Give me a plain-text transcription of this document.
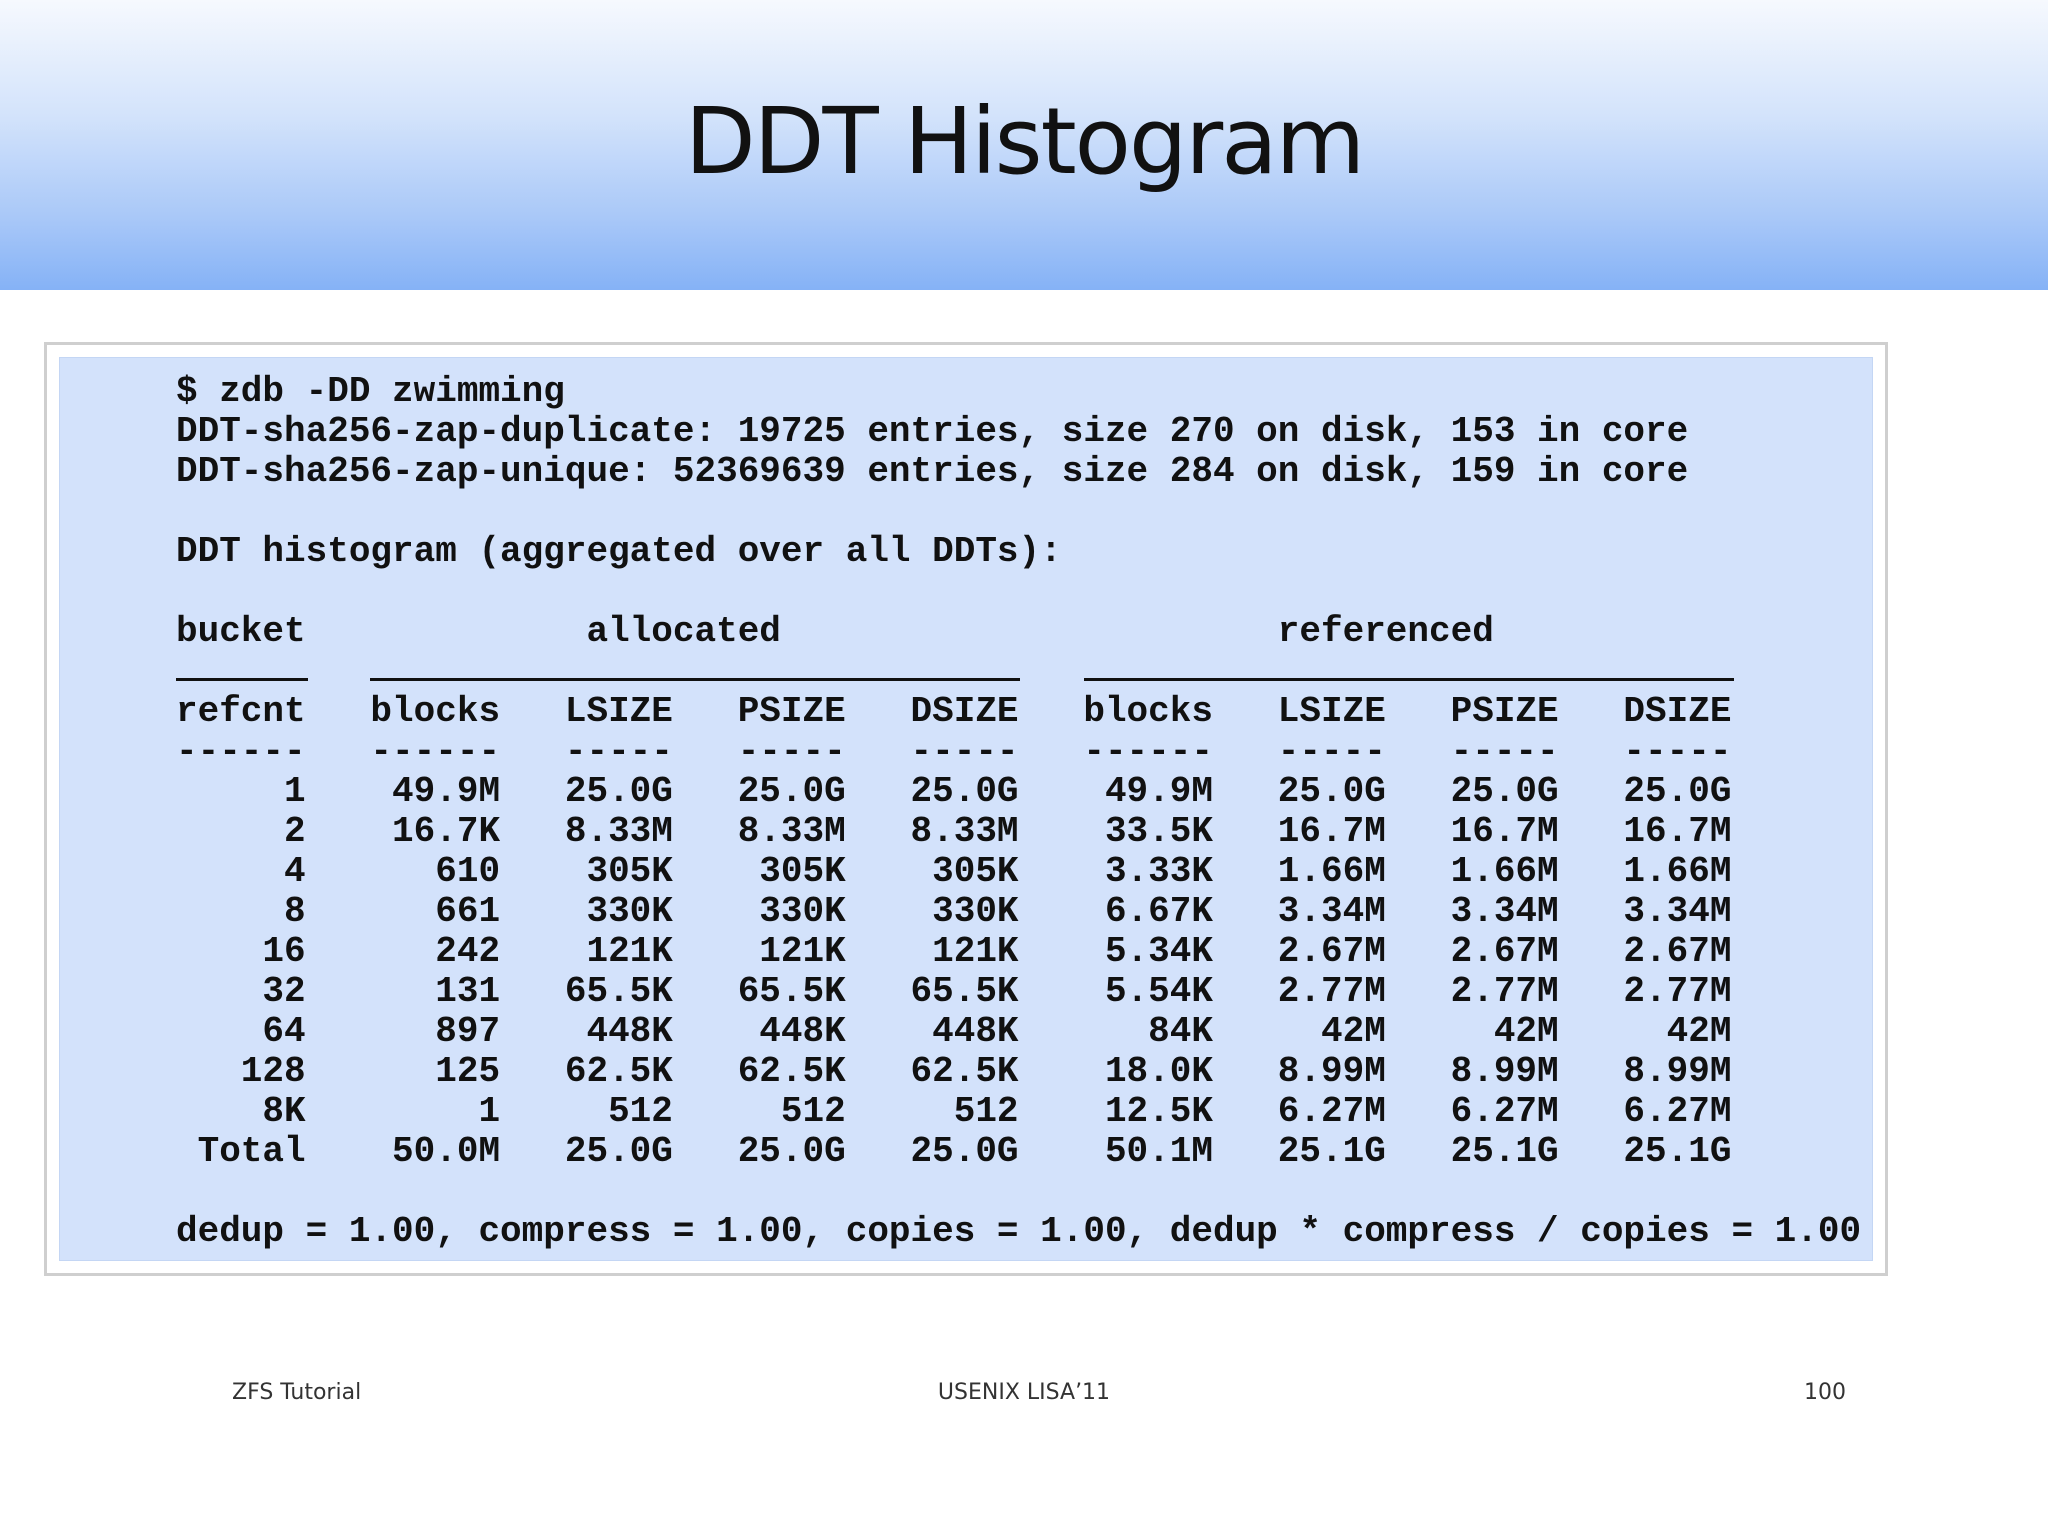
DDT Histogram
$ zdb -DD zwimming
DDT-sha256-zap-duplicate: 19725 entries, size 270 on disk, 153 in core
DDT-sha256-zap-unique: 52369639 entries, size 284 on disk, 159 in core
DDT histogram (aggregated over all DDTs):
bucket             allocated                       referenced
refcnt   blocks   LSIZE   PSIZE   DSIZE   blocks   LSIZE   PSIZE   DSIZE
------   ------   -----   -----   -----   ------   -----   -----   -----
1    49.9M   25.0G   25.0G   25.0G    49.9M   25.0G   25.0G   25.0G
2    16.7K   8.33M   8.33M   8.33M    33.5K   16.7M   16.7M   16.7M
4      610    305K    305K    305K    3.33K   1.66M   1.66M   1.66M
8      661    330K    330K    330K    6.67K   3.34M   3.34M   3.34M
16      242    121K    121K    121K    5.34K   2.67M   2.67M   2.67M
32      131   65.5K   65.5K   65.5K    5.54K   2.77M   2.77M   2.77M
64      897    448K    448K    448K      84K     42M     42M     42M
128      125   62.5K   62.5K   62.5K    18.0K   8.99M   8.99M   8.99M
8K        1     512     512     512    12.5K   6.27M   6.27M   6.27M
Total    50.0M   25.0G   25.0G   25.0G    50.1M   25.1G   25.1G   25.1G
dedup = 1.00, compress = 1.00, copies = 1.00, dedup * compress / copies = 1.00
ZFS Tutorial	USENIX LISA’11	100
